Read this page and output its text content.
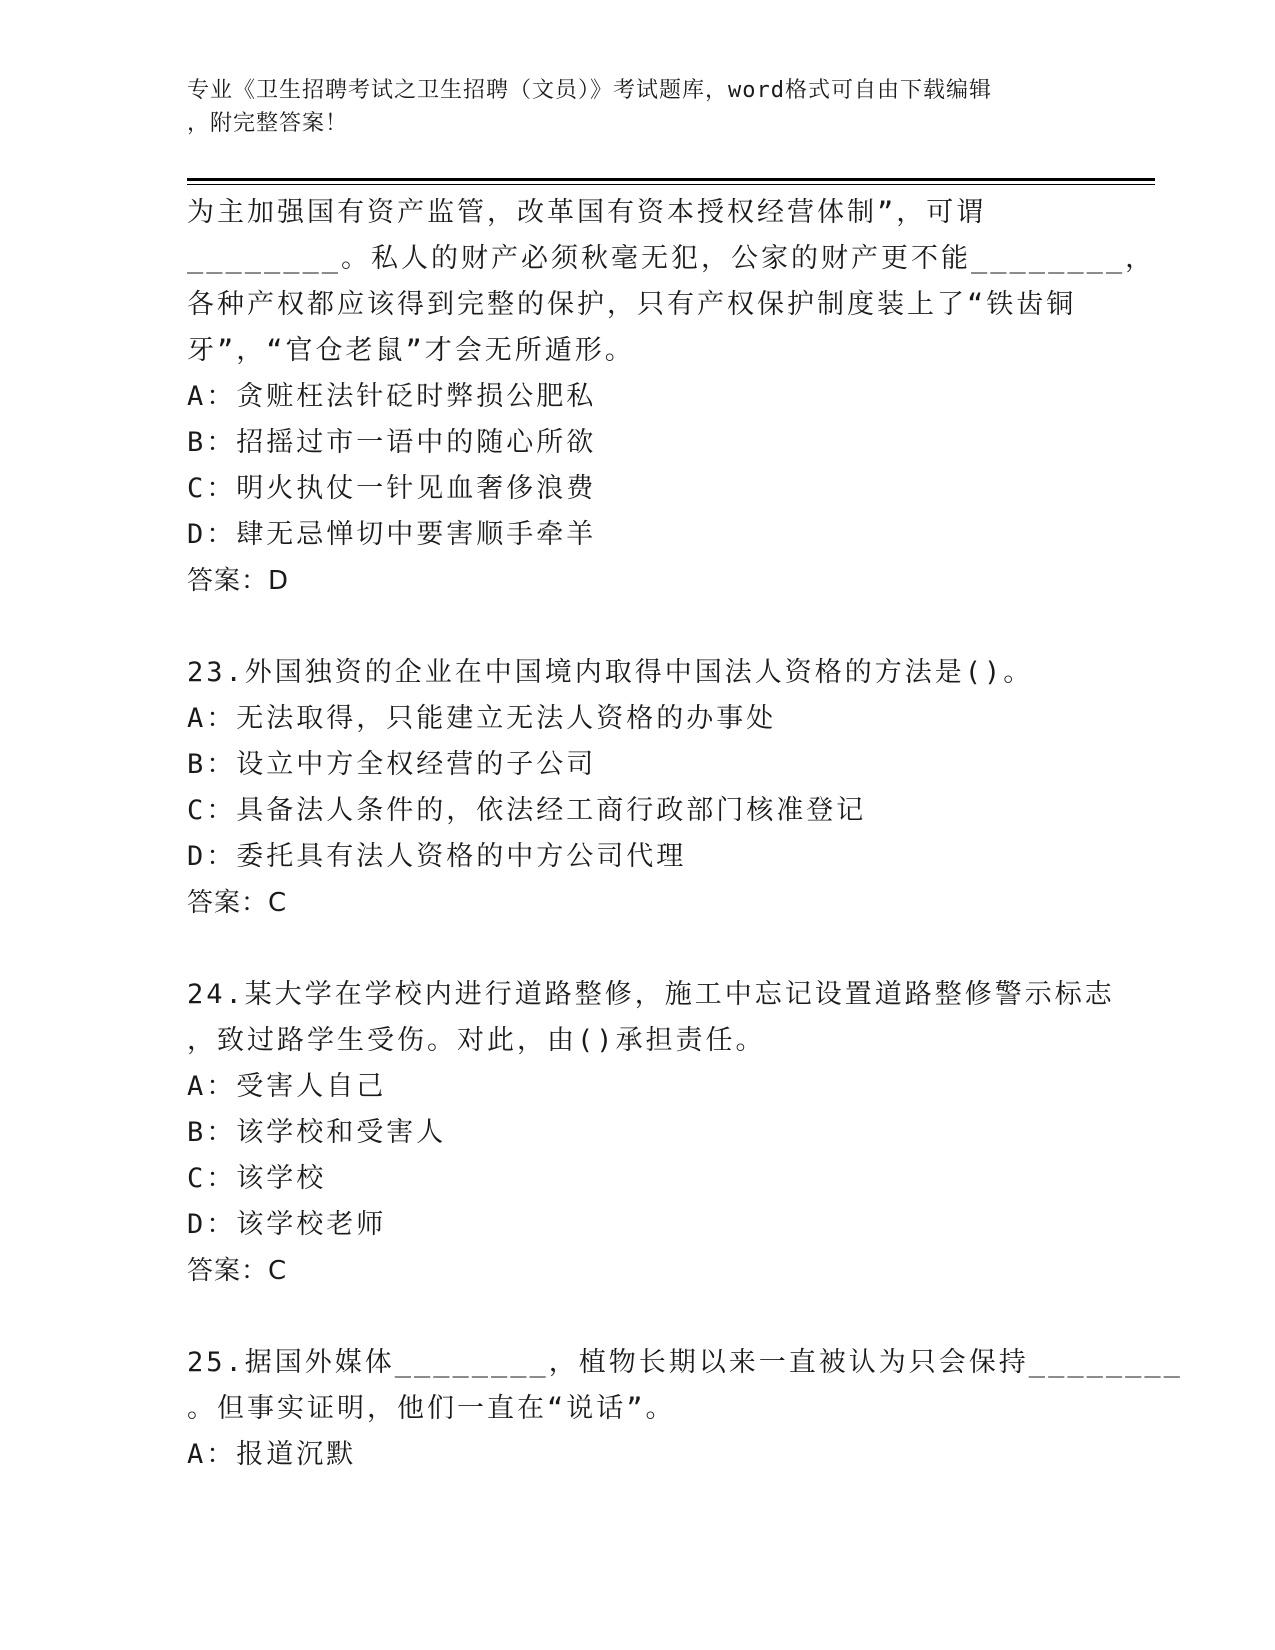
专业《卫生招聘考试之卫生招聘（文员）》考试题库，word格式可自由下载编辑
，附完整答案！
为主加强国有资产监管，改革国有资本授权经营体制”，可谓
________。私人的财产必须秋毫无犯，公家的财产更不能________，
各种产权都应该得到完整的保护，只有产权保护制度装上了“铁齿铜
牙”，“官仓老鼠”才会无所遁形。
A：贪赃枉法针砭时弊损公肥私
B：招摇过市一语中的随心所欲
C：明火执仗一针见血奢侈浪费
D：肆无忌惮切中要害顺手牵羊
答案：D
23.外国独资的企业在中国境内取得中国法人资格的方法是()。
A：无法取得，只能建立无法人资格的办事处
B：设立中方全权经营的子公司
C：具备法人条件的，依法经工商行政部门核准登记
D：委托具有法人资格的中方公司代理
答案：C
24.某大学在学校内进行道路整修，施工中忘记设置道路整修警示标志
，致过路学生受伤。对此，由()承担责任。
A：受害人自己
B：该学校和受害人
C：该学校
D：该学校老师
答案：C
25.据国外媒体________，植物长期以来一直被认为只会保持________
。但事实证明，他们一直在“说话”。
A：报道沉默
